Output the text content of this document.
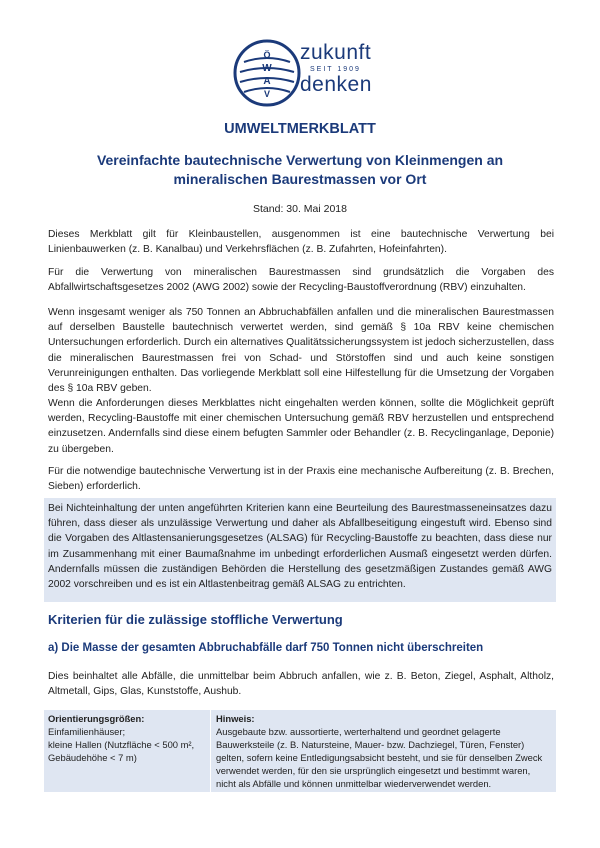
Ö
W
A
V
zukunft
SEIT 1909
denken
UMWELTMERKBLATT
Vereinfachte bautechnische Verwertung von Kleinmengen an mineralischen Baurestmassen vor Ort
Stand: 30. Mai 2018
Dieses Merkblatt gilt für Kleinbaustellen, ausgenommen ist eine bautechnische Verwertung bei Linienbauwerken (z. B. Kanalbau) und Verkehrsflächen (z. B. Zufahrten, Hofeinfahrten).
Für die Verwertung von mineralischen Baurestmassen sind grundsätzlich die Vorgaben des Abfallwirtschaftsgesetzes 2002 (AWG 2002) sowie der Recycling-Baustoffverordnung (RBV) einzuhalten.
Wenn insgesamt weniger als 750 Tonnen an Abbruchabfällen anfallen und die mineralischen Baurestmassen auf derselben Baustelle bautechnisch verwertet werden, sind gemäß § 10a RBV keine chemischen Untersuchungen erforderlich. Durch ein alternatives Qualitätssicherungssystem ist jedoch sicherzustellen, dass die mineralischen Baurestmassen frei von Schad- und Störstoffen sind und auch keine sonstigen Verunreinigungen enthalten. Das vorliegende Merkblatt soll eine Hilfestellung für die Umsetzung der Vorgaben des § 10a RBV geben.
Wenn die Anforderungen dieses Merkblattes nicht eingehalten werden können, sollte die Möglichkeit geprüft werden, Recycling-Baustoffe mit einer chemischen Untersuchung gemäß RBV herzustellen und entsprechend einzusetzen. Andernfalls sind diese einem befugten Sammler oder Behandler (z. B. Recyclinganlage, Deponie) zu übergeben.
Für die notwendige bautechnische Verwertung ist in der Praxis eine mechanische Aufbereitung (z. B. Brechen, Sieben) erforderlich.
Bei Nichteinhaltung der unten angeführten Kriterien kann eine Beurteilung des Baurestmasseneinsatzes dazu führen, dass dieser als unzulässige Verwertung und daher als Abfallbeseitigung eingestuft wird. Ebenso sind die Vorgaben des Altlastensanierungsgesetzes (ALSAG) für Recycling-Baustoffe zu beachten, dass diese nur im Zusammenhang mit einer Baumaßnahme im unbedingt erforderlichen Ausmaß eingesetzt werden dürfen. Andernfalls müssen die zuständigen Behörden die Herstellung des gesetzmäßigen Zustandes gemäß AWG 2002 vorschreiben und es ist ein Altlastenbeitrag gemäß ALSAG zu entrichten.
Kriterien für die zulässige stoffliche Verwertung
a) Die Masse der gesamten Abbruchabfälle darf 750 Tonnen nicht überschreiten
Dies beinhaltet alle Abfälle, die unmittelbar beim Abbruch anfallen, wie z. B. Beton, Ziegel, Asphalt, Altholz, Altmetall, Gips, Glas, Kunststoffe, Aushub.
Orientierungsgrößen:
Einfamilienhäuser;
kleine Hallen (Nutzfläche < 500 m², Gebäudehöhe < 7 m)

Hinweis:
Ausgebaute bzw. aussortierte, werterhaltend und geordnet gelagerte Bauwerksteile (z. B. Natursteine, Mauer- bzw. Dachziegel, Türen, Fenster) gelten, sofern keine Entledigungsabsicht besteht, und sie für denselben Zweck verwendet werden, für den sie ursprünglich eingesetzt und bestimmt waren, nicht als Abfälle und können unmittelbar wiederverwendet werden.
